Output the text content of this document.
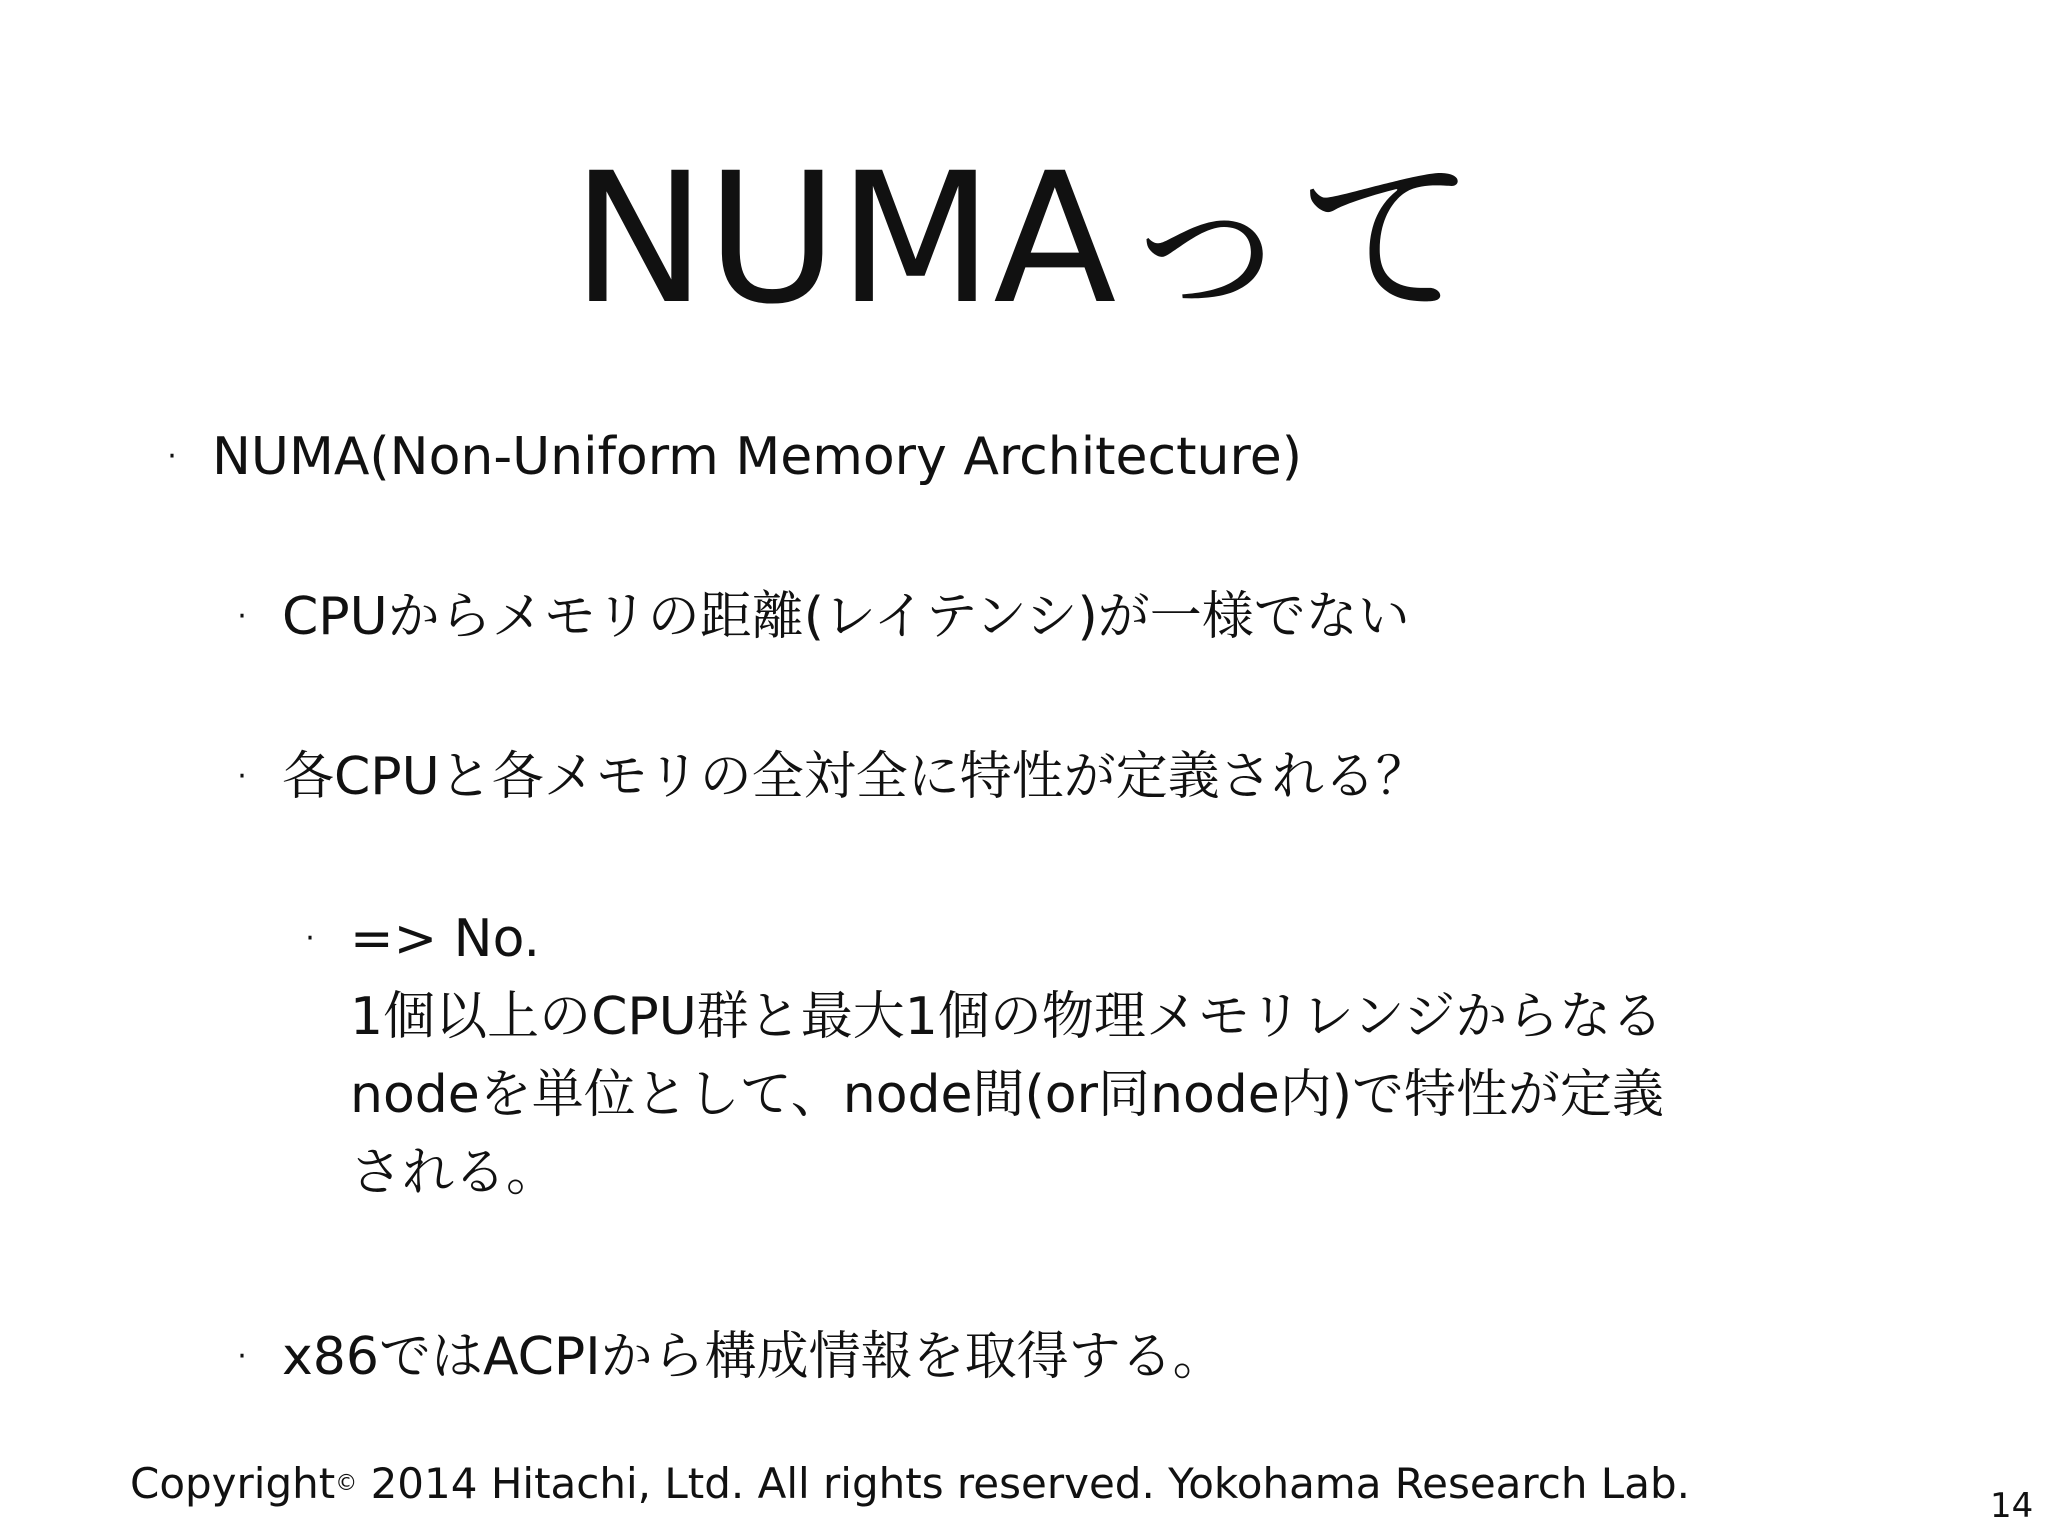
NUMAって
· NUMA(Non-Uniform Memory Architecture)
· CPUからメモリの距離(レイテンシ)が一様でない
· 各CPUと各メモリの全対全に特性が定義される？
· => No.
1個以上のCPU群と最大1個の物理メモリレンジからなる
nodeを単位として、node間(or同node内)で特性が定義
される。
· x86ではACPIから構成情報を取得する。
Copyright© 2014 Hitachi, Ltd. All rights reserved. Yokohama Research Lab.	14
